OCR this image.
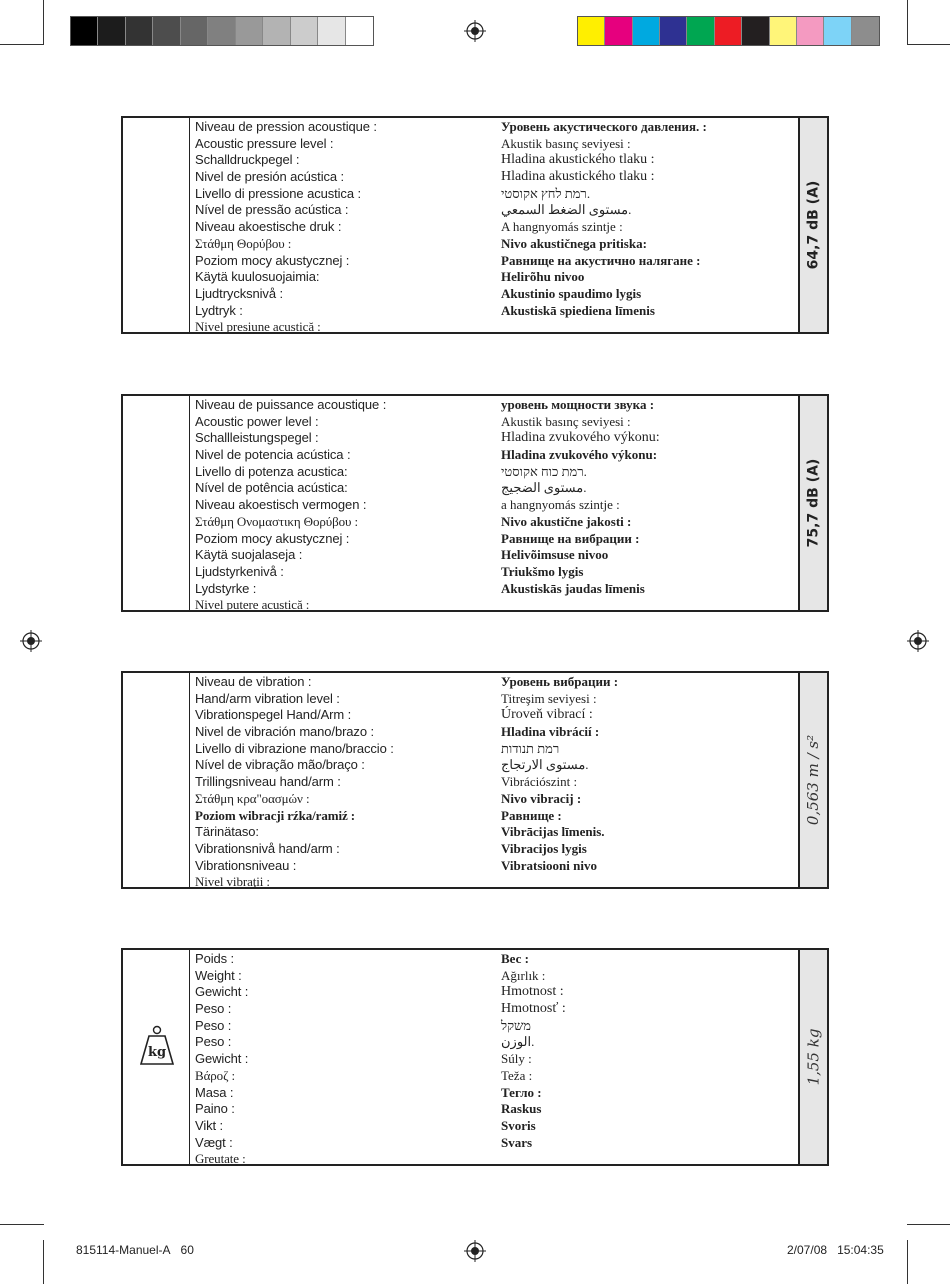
Niveau de pression acoustique :	Уровень акустического давления. :
Acoustic pressure level :	Akustik basınç seviyesi :
Schalldruckpegel :	Hladina akustického tlaku :
Nivel de presión acústica :	Hladina akustického tlaku :
Livello di pressione acustica :	רמת לחץ אקוסטי.
Nível de pressão acústica :	مستوى الضغط السمعي.
Niveau akoestische druk :	A hangnyomás szintje :
Στάθμη Θορύβου :	Nivo akustičnega pritiska:
Poziom mocy akustycznej :	Равнище на акустично налягане :
Käytä kuulosuojaimia:	Helirõhu nivoo
Ljudtrycksnivå :	Akustinio spaudimo lygis
Lydtryk :	Akustiskā spiediena līmenis
Nivel presiune acustică :
64,7 dB (A)
Niveau de puissance acoustique :	уровень мощности звука :
Acoustic power level :	Akustik basınç seviyesi :
Schallleistungspegel :	Hladina zvukového výkonu:
Nivel de potencia acústica :	Hladina zvukového výkonu:
Livello di potenza acustica:	רמת כוח אקוסטי.
Nível de potência acústica:	مستوى الضجيج.
Niveau akoestisch vermogen :	a hangnyomás szintje :
Στάθμη Ονομαστικη Θορύβου :	Nivo akustične jakosti :
Poziom mocy akustycznej :	Равнище на вибрации :
Käytä suojalaseja :	Helivõimsuse nivoo
Ljudstyrkenivå :	Triukšmo lygis
Lydstyrke :	Akustiskās jaudas līmenis
Nivel putere acustică :
75,7 dB (A)
Niveau de vibration :	Уровень вибрации :
Hand/arm vibration level :	Titreşim seviyesi :
Vibrationspegel Hand/Arm :	Úroveň vibrací :
Nivel de vibración mano/brazo :	Hladina vibrácií :
Livello di vibrazione mano/braccio :	רמת תנודות
Nível de vibração mão/braço :	مستوى الارتجاج.
Trillingsniveau hand/arm :	Vibrációszint :
Στάθμη κρα"οασμών :	Nivo vibracij :
Poziom wibracji rźka/ramiź :	Равнище :
Tärinätaso:	Vibrācijas līmenis.
Vibrationsnivå hand/arm :	Vibracijos lygis
Vibrationsniveau :	Vibratsiooni nivo
Nivel vibraţii :
0,563 m / s²
kg
Poids :	Вес :
Weight :	Ağırlık :
Gewicht :	Hmotnost :
Peso :	Hmotnosť :
Peso :	משקל
Peso :	الوزن.
Gewicht :	Súly :
Βάροζ :	Teža :
Masa :	Тегло :
Paino :	Raskus
Vikt :	Svoris
Vægt :	Svars
Greutate :
1,55 kg
815114-Manuel-A 60	2/07/08 15:04:35
